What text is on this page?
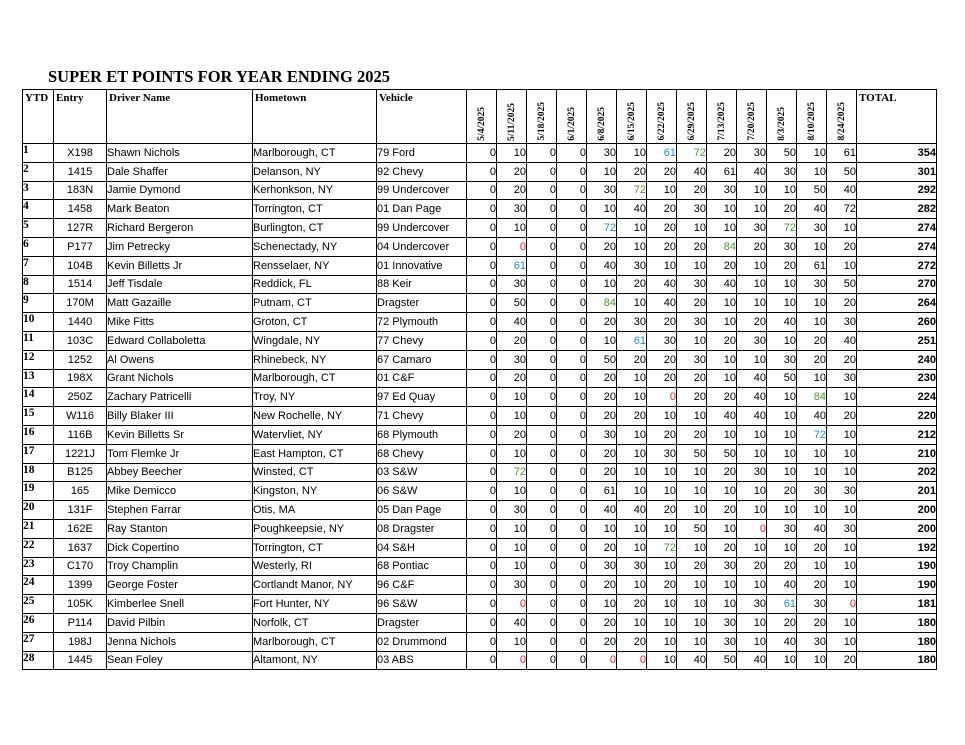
SUPER ET POINTS FOR YEAR ENDING 2025
YTD	Entry	Driver Name	Hometown	Vehicle	5/4/2025	5/11/2025	5/18/2025	6/1/2025	6/8/2025	6/15/2025	6/22/2025	6/29/2025	7/13/2025	7/20/2025	8/3/2025	8/10/2025	8/24/2025	TOTAL
1	X198	Shawn Nichols	Marlborough, CT	79 Ford	0	10	0	0	30	10	61	72	20	30	50	10	61	354
2	1415	Dale Shaffer	Delanson, NY	92 Chevy	0	20	0	0	10	20	20	40	61	40	30	10	50	301
3	183N	Jamie Dymond	Kerhonkson, NY	99 Undercover	0	20	0	0	30	72	10	20	30	10	10	50	40	292
4	1458	Mark Beaton	Torrington, CT	01 Dan Page	0	30	0	0	10	40	20	30	10	10	20	40	72	282
5	127R	Richard Bergeron	Burlington, CT	99 Undercover	0	10	0	0	72	10	20	10	10	30	72	30	10	274
6	P177	Jim Petrecky	Schenectady, NY	04 Undercover	0	0	0	0	20	10	20	20	84	20	30	10	20	274
7	104B	Kevin Billetts Jr	Rensselaer, NY	01 Innovative	0	61	0	0	40	30	10	10	20	10	20	61	10	272
8	1514	Jeff Tisdale	Reddick, FL	88 Keir	0	30	0	0	10	20	40	30	40	10	10	30	50	270
9	170M	Matt Gazaille	Putnam, CT	Dragster	0	50	0	0	84	10	40	20	10	10	10	10	20	264
10	1440	Mike Fitts	Groton, CT	72 Plymouth	0	40	0	0	20	30	20	30	10	20	40	10	30	260
11	103C	Edward Collaboletta	Wingdale, NY	77 Chevy	0	20	0	0	10	61	30	10	20	30	10	20	40	251
12	1252	Al Owens	Rhinebeck, NY	67 Camaro	0	30	0	0	50	20	20	30	10	10	30	20	20	240
13	198X	Grant Nichols	Marlborough, CT	01 C&F	0	20	0	0	20	10	20	20	10	40	50	10	30	230
14	250Z	Zachary Patricelli	Troy, NY	97 Ed Quay	0	10	0	0	20	10	0	20	20	40	10	84	10	224
15	W116	Billy Blaker III	New Rochelle, NY	71 Chevy	0	10	0	0	20	20	10	10	40	40	10	40	20	220
16	116B	Kevin Billetts Sr	Watervliet, NY	68 Plymouth	0	20	0	0	30	10	20	20	10	10	10	72	10	212
17	1221J	Tom Flemke Jr	East Hampton, CT	68 Chevy	0	10	0	0	20	10	30	50	50	10	10	10	10	210
18	B125	Abbey Beecher	Winsted, CT	03 S&W	0	72	0	0	20	10	10	10	20	30	10	10	10	202
19	165	Mike Demicco	Kingston, NY	06 S&W	0	10	0	0	61	10	10	10	10	10	20	30	30	201
20	131F	Stephen Farrar	Otis, MA	05 Dan Page	0	30	0	0	40	40	20	10	20	10	10	10	10	200
21	162E	Ray Stanton	Poughkeepsie, NY	08 Dragster	0	10	0	0	10	10	10	50	10	0	30	40	30	200
22	1637	Dick Copertino	Torrington, CT	04 S&H	0	10	0	0	20	10	72	10	20	10	10	20	10	192
23	C170	Troy Champlin	Westerly, RI	68 Pontiac	0	10	0	0	30	30	10	20	30	20	20	10	10	190
24	1399	George Foster	Cortlandt Manor, NY	96 C&F	0	30	0	0	20	10	20	10	10	10	40	20	10	190
25	105K	Kimberlee Snell	Fort Hunter, NY	96 S&W	0	0	0	0	10	20	10	10	10	30	61	30	0	181
26	P114	David Pilbin	Norfolk, CT	Dragster	0	40	0	0	20	10	10	10	30	10	20	20	10	180
27	198J	Jenna Nichols	Marlborough, CT	02 Drummond	0	10	0	0	20	20	10	10	30	10	40	30	10	180
28	1445	Sean Foley	Altamont, NY	03 ABS	0	0	0	0	0	0	10	40	50	40	10	10	20	180
